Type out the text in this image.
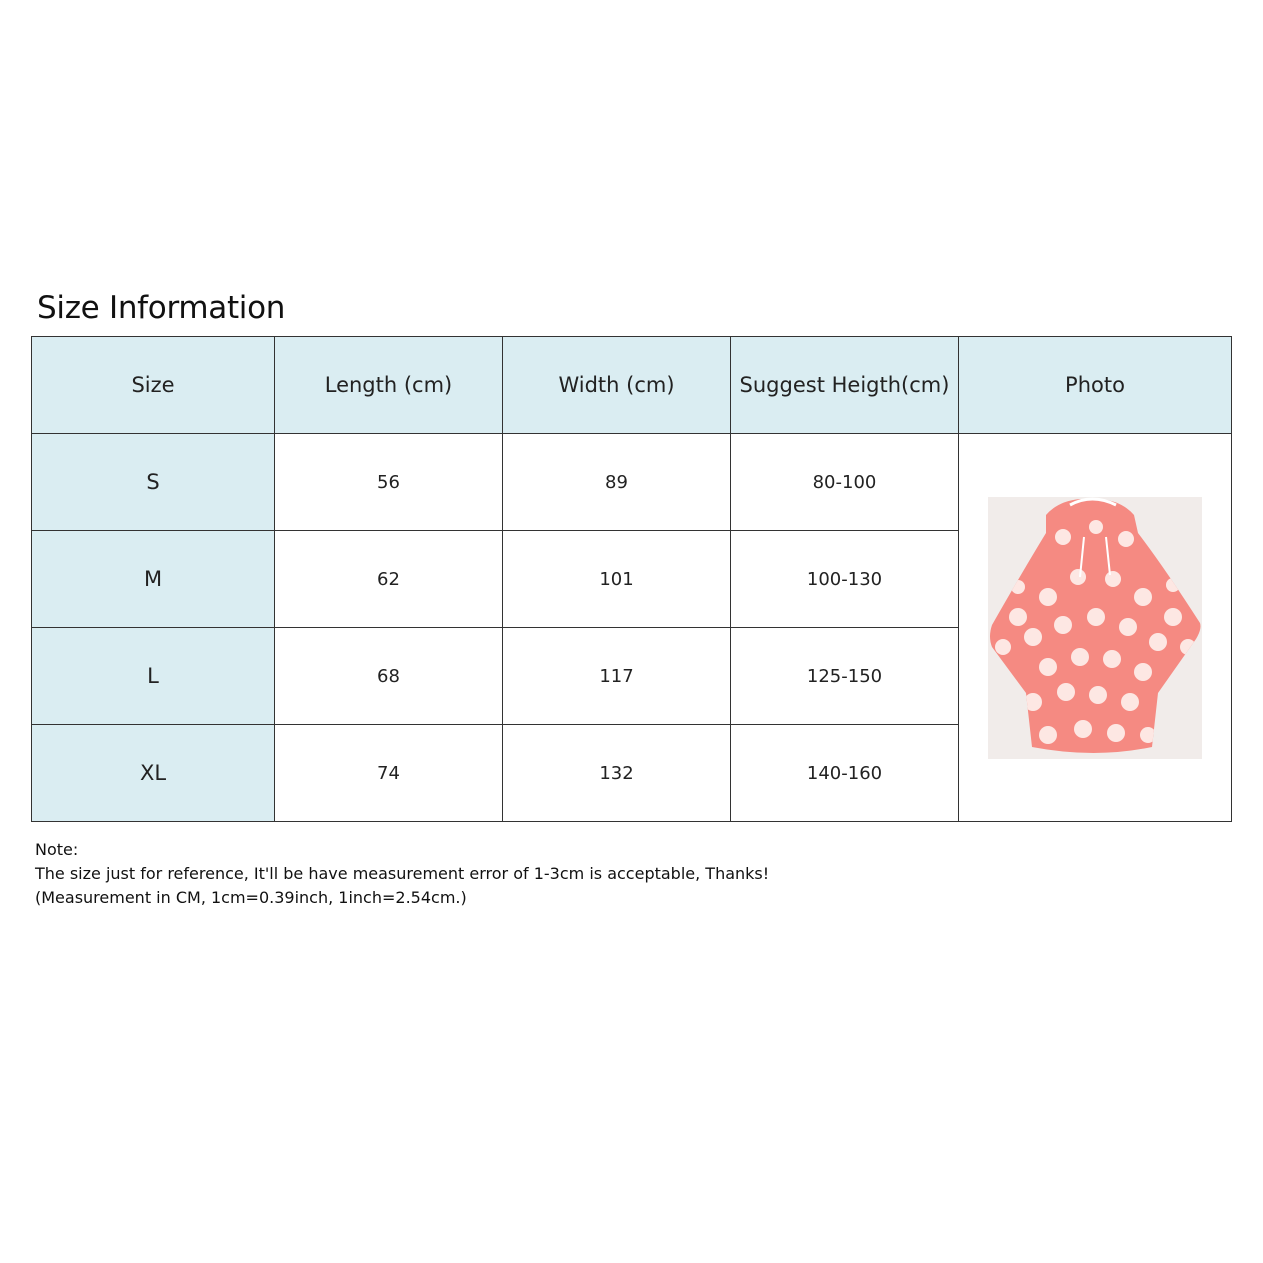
Size Information
Size	Length (cm)	Width (cm)	Suggest Heigth(cm)	Photo
S	56	89	80-100	

M	62	101	100-130	
L	68	117	125-150	
XL	74	132	140-160	
Note:
The size just for reference, It'll be have measurement error of 1-3cm is acceptable, Thanks!
(Measurement in CM, 1cm=0.39inch, 1inch=2.54cm.)
